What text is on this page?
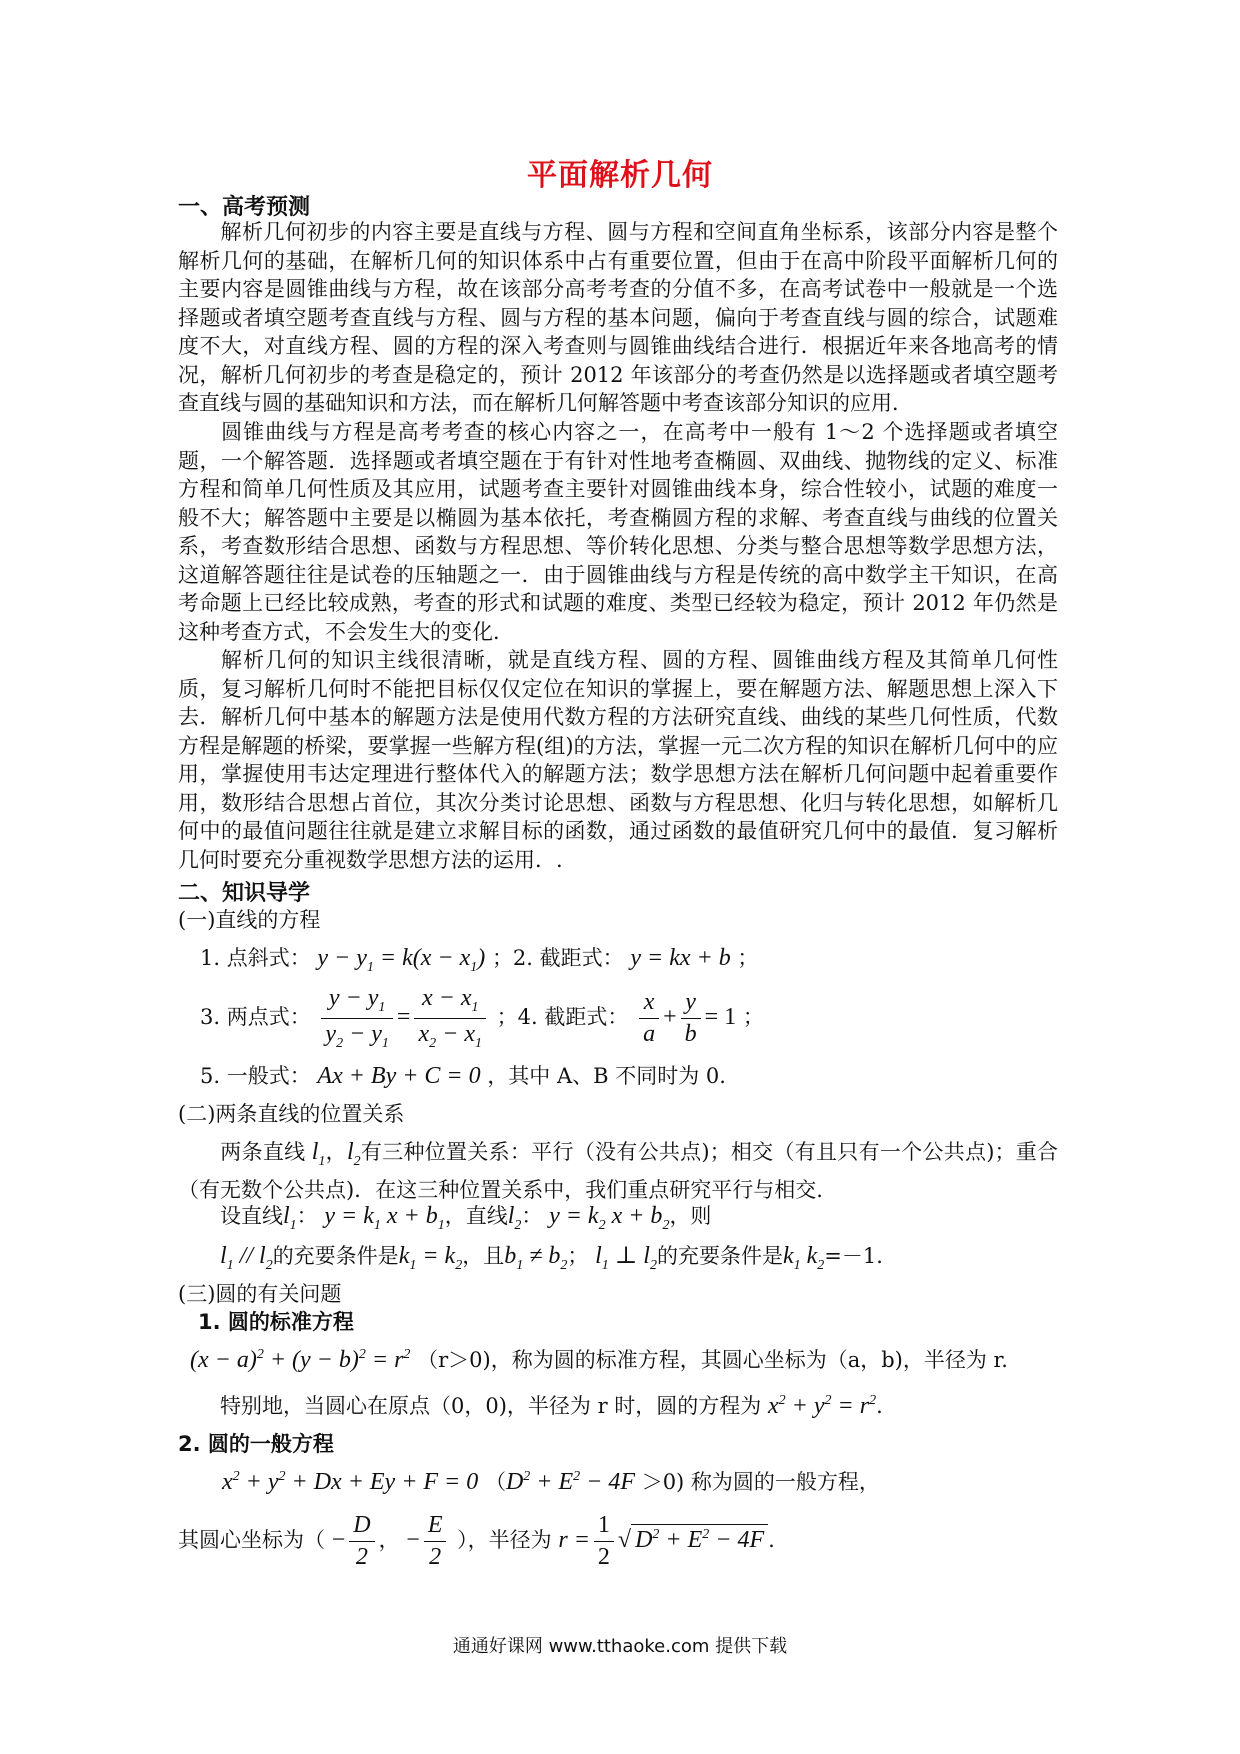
平面解析几何
一、高考预测
解析几何初步的内容主要是直线与方程、圆与方程和空间直角坐标系，该部分内容是整个解析几何的基础，在解析几何的知识体系中占有重要位置，但由于在高中阶段平面解析几何的主要内容是圆锥曲线与方程，故在该部分高考考查的分值不多，在高考试卷中一般就是一个选择题或者填空题考查直线与方程、圆与方程的基本问题，偏向于考查直线与圆的综合，试题难度不大，对直线方程、圆的方程的深入考查则与圆锥曲线结合进行．根据近年来各地高考的情况，解析几何初步的考查是稳定的，预计 2012 年该部分的考查仍然是以选择题或者填空题考查直线与圆的基础知识和方法，而在解析几何解答题中考查该部分知识的应用．
圆锥曲线与方程是高考考查的核心内容之一，在高考中一般有 1～2 个选择题或者填空题，一个解答题．选择题或者填空题在于有针对性地考查椭圆、双曲线、抛物线的定义、标准方程和简单几何性质及其应用，试题考查主要针对圆锥曲线本身，综合性较小，试题的难度一般不大；解答题中主要是以椭圆为基本依托，考查椭圆方程的求解、考查直线与曲线的位置关系，考查数形结合思想、函数与方程思想、等价转化思想、分类与整合思想等数学思想方法，这道解答题往往是试卷的压轴题之一．由于圆锥曲线与方程是传统的高中数学主干知识，在高考命题上已经比较成熟，考查的形式和试题的难度、类型已经较为稳定，预计 2012 年仍然是这种考查方式，不会发生大的变化．
解析几何的知识主线很清晰，就是直线方程、圆的方程、圆锥曲线方程及其简单几何性质，复习解析几何时不能把目标仅仅定位在知识的掌握上，要在解题方法、解题思想上深入下去．解析几何中基本的解题方法是使用代数方程的方法研究直线、曲线的某些几何性质，代数方程是解题的桥梁，要掌握一些解方程(组)的方法，掌握一元二次方程的知识在解析几何中的应用，掌握使用韦达定理进行整体代入的解题方法；数学思想方法在解析几何问题中起着重要作用，数形结合思想占首位，其次分类讨论思想、函数与方程思想、化归与转化思想，如解析几何中的最值问题往往就是建立求解目标的函数，通过函数的最值研究几何中的最值．复习解析几何时要充分重视数学思想方法的运用．.
二、知识导学
(一)直线的方程
1. 点斜式： $y - y_1 = k(x - x_1)$ ；2. 截距式： y = kx + b ；
3. 两点式： $\frac{y - y_1}{y_2 - y_1} = \frac{x - x_1}{x_2 - x_1}$ ；4. 截距式： $\frac{x}{a} + \frac{y}{b} = 1$ ；
5. 一般式： Ax + By + C = 0 ，其中 A、B 不同时为 0.
(二)两条直线的位置关系
两条直线 $l_1$，$l_2$有三种位置关系：平行（没有公共点)；相交（有且只有一个公共点)；重合（有无数个公共点)．在这三种位置关系中，我们重点研究平行与相交.
设直线$l_1$： $y = k_1$ $x + b_1$，直线$l_2$： $y = k_2$ $x + b_2$，则
$l_1 // l_2$的充要条件是$k_1 = k_2$，且$b_1 \ne b_2$； $l_1$ ⊥ $l_2$的充要条件是$k_1$ $k_2=-1$.
(三)圆的有关问题
1. 圆的标准方程
$(x - a)^2 + (y - b)^2 = r^2$ （r＞0)，称为圆的标准方程，其圆心坐标为（a，b)，半径为 r.
特别地，当圆心在原点（0，0)，半径为 r 时，圆的方程为 $x^2 + y^2 = r^2$.
2. 圆的一般方程
$x^2 + y^2 + Dx + Ey + F = 0$ $(D^2 + E^2 - 4F >0)$ 称为圆的一般方程，
其圆心坐标为（ − $\frac{D}{2}$ ， − $\frac{E}{2}$ ），半径为 $r = \frac{1}{2}$ √ $D^2 + E^2 - 4F$ .
通通好课网 www.tthaoke.com 提供下载
